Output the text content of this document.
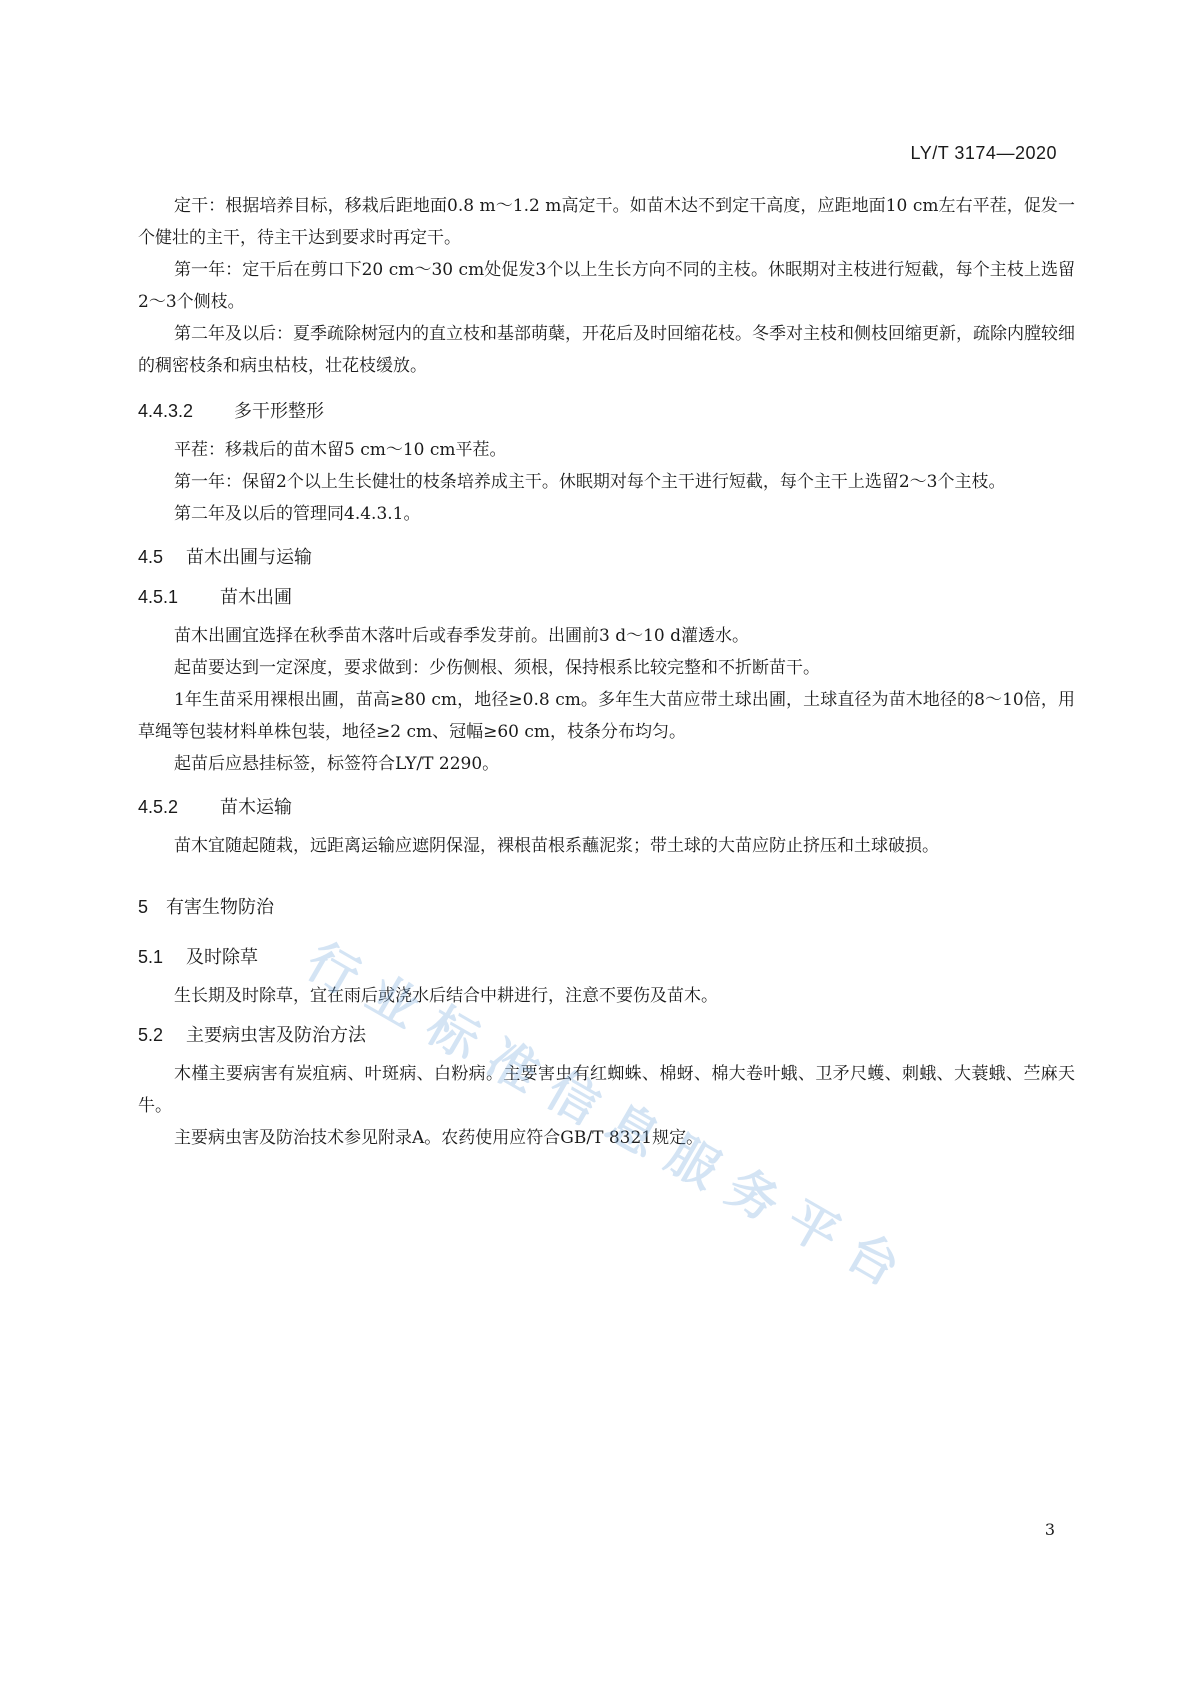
LY/T 3174—2020

定干：根据培养目标，移栽后距地面0.8 m～1.2 m高定干。如苗木达不到定干高度，应距地面10 cm左右平茬，促发一个健壮的主干，待主干达到要求时再定干。

第一年：定干后在剪口下20 cm～30 cm处促发3个以上生长方向不同的主枝。休眠期对主枝进行短截，每个主枝上选留2～3个侧枝。

第二年及以后：夏季疏除树冠内的直立枝和基部萌蘖，开花后及时回缩花枝。冬季对主枝和侧枝回缩更新，疏除内膛较细的稠密枝条和病虫枯枝，壮花枝缓放。

4.4.3.2 多干形整形

平茬：移栽后的苗木留5 cm～10 cm平茬。

第一年：保留2个以上生长健壮的枝条培养成主干。休眠期对每个主干进行短截，每个主干上选留2～3个主枝。

第二年及以后的管理同4.4.3.1。

4.5 苗木出圃与运输

4.5.1 苗木出圃

苗木出圃宜选择在秋季苗木落叶后或春季发芽前。出圃前3 d～10 d灌透水。

起苗要达到一定深度，要求做到：少伤侧根、须根，保持根系比较完整和不折断苗干。

1年生苗采用裸根出圃，苗高≥80 cm，地径≥0.8 cm。多年生大苗应带土球出圃，土球直径为苗木地径的8～10倍，用草绳等包装材料单株包装，地径≥2 cm、冠幅≥60 cm，枝条分布均匀。

起苗后应悬挂标签，标签符合LY/T 2290。

4.5.2 苗木运输

苗木宜随起随栽，远距离运输应遮阴保湿，裸根苗根系蘸泥浆；带土球的大苗应防止挤压和土球破损。

5 有害生物防治

5.1 及时除草

生长期及时除草，宜在雨后或浇水后结合中耕进行，注意不要伤及苗木。

5.2 主要病虫害及防治方法

木槿主要病害有炭疽病、叶斑病、白粉病。主要害虫有红蜘蛛、棉蚜、棉大卷叶蛾、卫矛尺蠖、刺蛾、大蓑蛾、苎麻天牛。

主要病虫害及防治技术参见附录A。农药使用应符合GB/T 8321规定。

行
业
标
准
信
息
服
务
平
台
3
